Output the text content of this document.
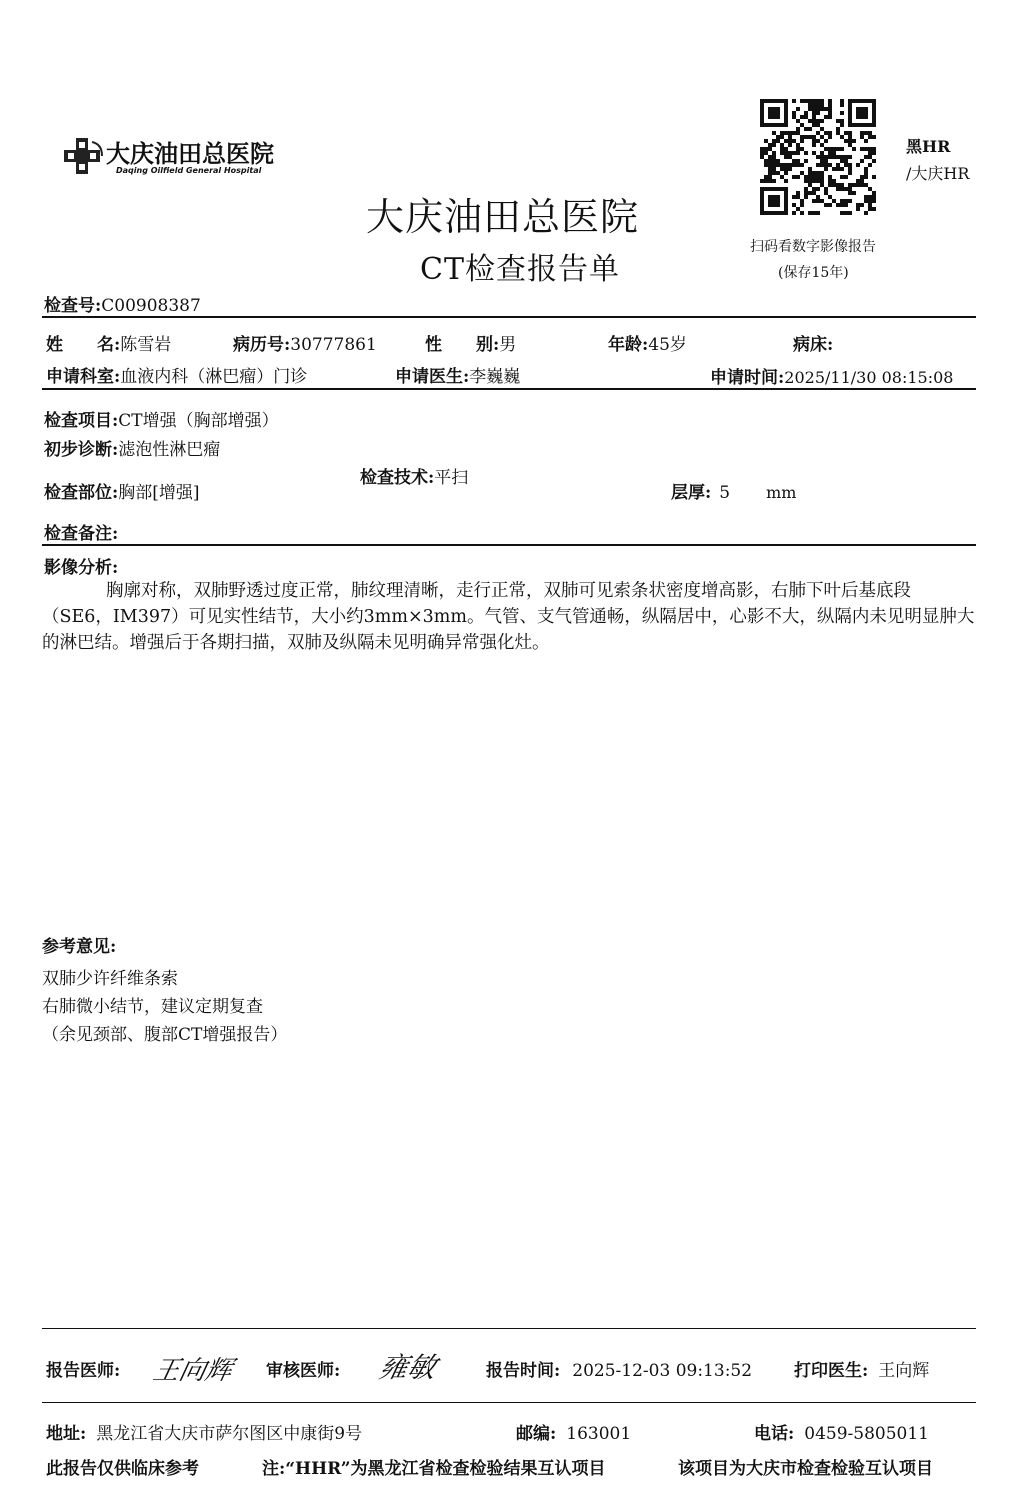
大庆油田总医院
Daqing Oilfield General Hospital
大庆油田总医院
CT检查报告单
黑HR
/大庆HR
扫码看数字影像报告
(保存15年)
检查号:C00908387
姓　　名:陈雪岩	病历号:30777861	性　　别:男	年龄:45岁	病床:
申请科室:血液内科（淋巴瘤）门诊	申请医生:李巍巍	申请时间:2025/11/30 08:15:08
检查项目:CT增强（胸部增强）
初步诊断:滤泡性淋巴瘤
检查技术:平扫
检查部位:胸部[增强]	层厚: 5 mm
检查备注:
影像分析:
胸廓对称，双肺野透过度正常，肺纹理清晰，走行正常，双肺可见索条状密度增高影，右肺下叶后基底段（SE6，IM397）可见实性结节，大小约3mm×3mm。气管、支气管通畅，纵隔居中，心影不大，纵隔内未见明显肿大的淋巴结。增强后于各期扫描，双肺及纵隔未见明确异常强化灶。
参考意见:
双肺少许纤维条索
右肺微小结节，建议定期复查
（余见颈部、腹部CT增强报告）
报告医师: 王向辉 审核医师: 雍敏	报告时间: 2025-12-03 09:13:52 打印医生: 王向辉
地址: 黑龙江省大庆市萨尔图区中康街9号	邮编: 163001	电话: 0459-5805011
此报告仅供临床参考	注:“HHR”为黑龙江省检查检验结果互认项目	该项目为大庆市检查检验互认项目
